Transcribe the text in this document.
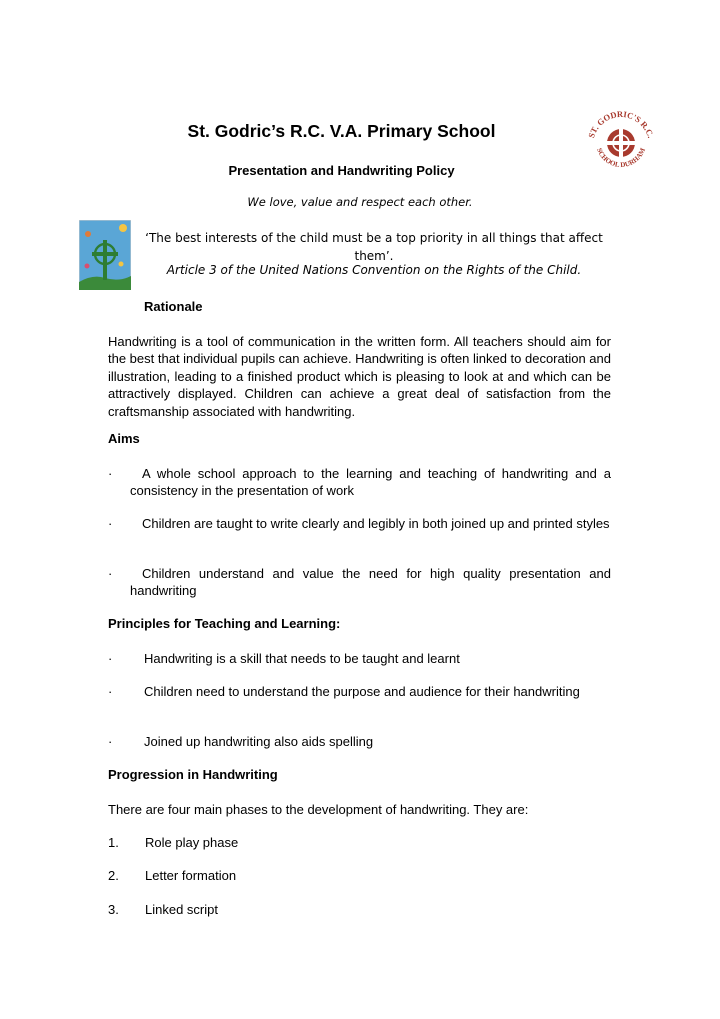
ST. GODRIC'S R.C.
SCHOOL DURHAM
St. Godric’s R.C. V.A. Primary School
Presentation and Handwriting Policy
We love, value and respect each other.
‘The best interests of the child must be a top priority in all things that affect them’.
Article 3 of the United Nations Convention on the Rights of the Child.
Rationale
Handwriting is a tool of communication in the written form. All teachers should aim for the best that individual pupils can achieve. Handwriting is often linked to decoration and illustration, leading to a finished product which is pleasing to look at and which can be attractively displayed. Children can achieve a great deal of satisfaction from the craftsmanship associated with handwriting.
Aims
·	A whole school approach to the learning and teaching of handwriting and a consistency in the presentation of work
·	Children are taught to write clearly and legibly in both joined up and printed styles
·	Children understand and value the need for high quality presentation and handwriting
Principles for Teaching and Learning:
·	Handwriting is a skill that needs to be taught and learnt
·	Children need to understand the purpose and audience for their handwriting
·	Joined up handwriting also aids spelling
Progression in Handwriting
There are four main phases to the development of handwriting. They are:
1. Role play phase
2. Letter formation
3. Linked script
